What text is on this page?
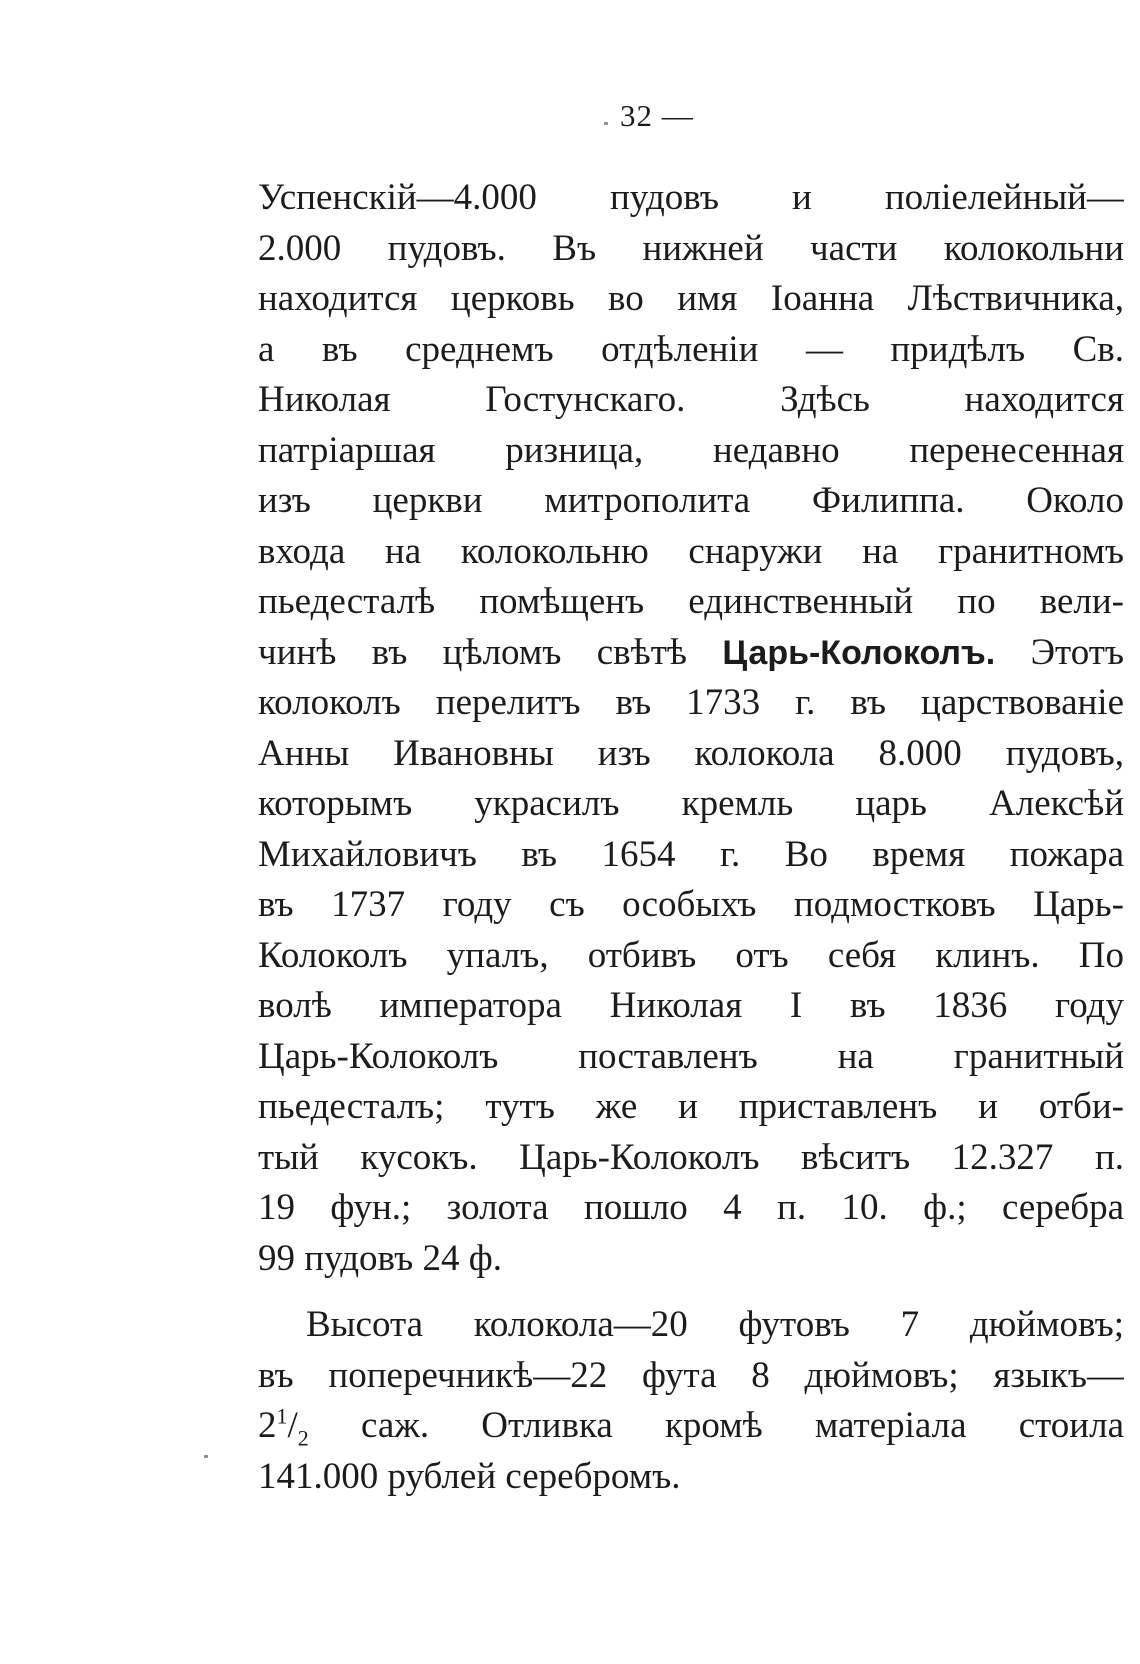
32 —
Успенскій—4.000 пудовъ и поліелейный—
2.000 пудовъ. Въ нижней части колокольни
находится церковь во имя Іоанна Лѣствичника,
а въ среднемъ отдѣленіи — придѣлъ Св.
Николая Гостунскаго. Здѣсь находится
патріаршая ризница, недавно перенесенная
изъ церкви митрополита Филиппа. Около
входа на колокольню снаружи на гранитномъ
пьедесталѣ помѣщенъ единственный по вели-
чинѣ въ цѣломъ свѣтѣ Царь-Колоколъ. Этотъ
колоколъ перелитъ въ 1733 г. въ царствованіе
Анны Ивановны изъ колокола 8.000 пудовъ,
которымъ украсилъ кремль царь Алексѣй
Михайловичъ въ 1654 г. Во время пожара
въ 1737 году съ особыхъ подмостковъ Царь-
Колоколъ упалъ, отбивъ отъ себя клинъ. По
волѣ императора Николая I въ 1836 году
Царь-Колоколъ поставленъ на гранитный
пьедесталъ; тутъ же и приставленъ и отби-
тый кусокъ. Царь-Колоколъ вѣситъ 12.327 п.
19 фун.; золота пошло 4 п. 10. ф.; серебра
99 пудовъ 24 ф.
Высота колокола—20 футовъ 7 дюймовъ;
въ поперечникѣ—22 фута 8 дюймовъ; языкъ—
$2^1/_2$ саж. Отливка кромѣ матеріала стоила
141.000 рублей серебромъ.
